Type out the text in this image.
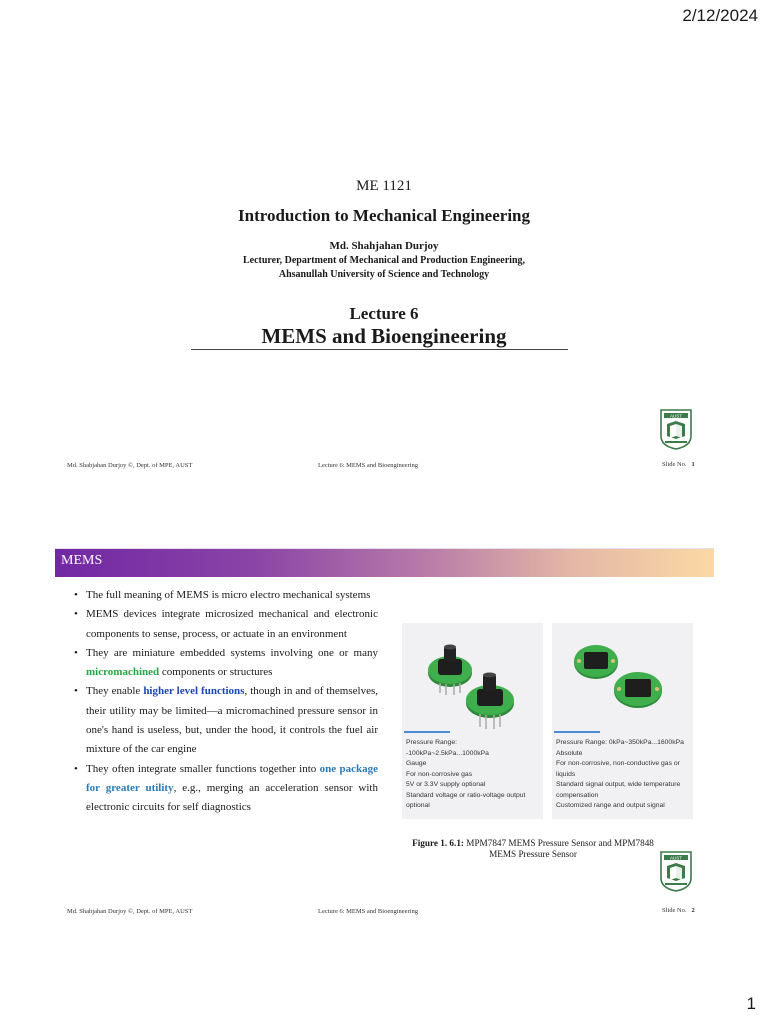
2/12/2024
ME 1121
Introduction to Mechanical Engineering
Md. Shahjahan Durjoy
Lecturer, Department of Mechanical and Production Engineering,
Ahsanullah University of Science and Technology
Lecture 6
MEMS and Bioengineering
AUST
Md. Shahjahan Durjoy ©, Dept. of MPE, AUST	Lecture 6: MEMS and Bioengineering	Slide No. 1
MEMS
• The full meaning of MEMS is micro electro mechanical systems
• MEMS devices integrate microsized mechanical and electronic components to sense, process, or actuate in an environment
• They are miniature embedded systems involving one or many micromachined components or structures
• They enable higher level functions, though in and of themselves, their utility may be limited—a micromachined pressure sensor in one's hand is useless, but, under the hood, it controls the fuel air mixture of the car engine
• They often integrate smaller functions together into one package for greater utility, e.g., merging an acceleration sensor with electronic circuits for self diagnostics
Pressure Range: -100kPa~2.5kPa...1000kPa
Gauge
For non-corrosive gas
5V or 3.3V supply optional
Standard voltage or ratio-voltage output optional
Pressure Range: 0kPa~350kPa...1600kPa
Absolute
For non-corrosive, non-conductive gas or liquids
Standard signal output, wide temperature compensation
Customized range and output signal
Figure 1. 6.1: MPM7847 MEMS Pressure Sensor and MPM7848 MEMS Pressure Sensor	AUST
Md. Shahjahan Durjoy ©, Dept. of MPE, AUST	Lecture 6: MEMS and Bioengineering	Slide No. 2
1
